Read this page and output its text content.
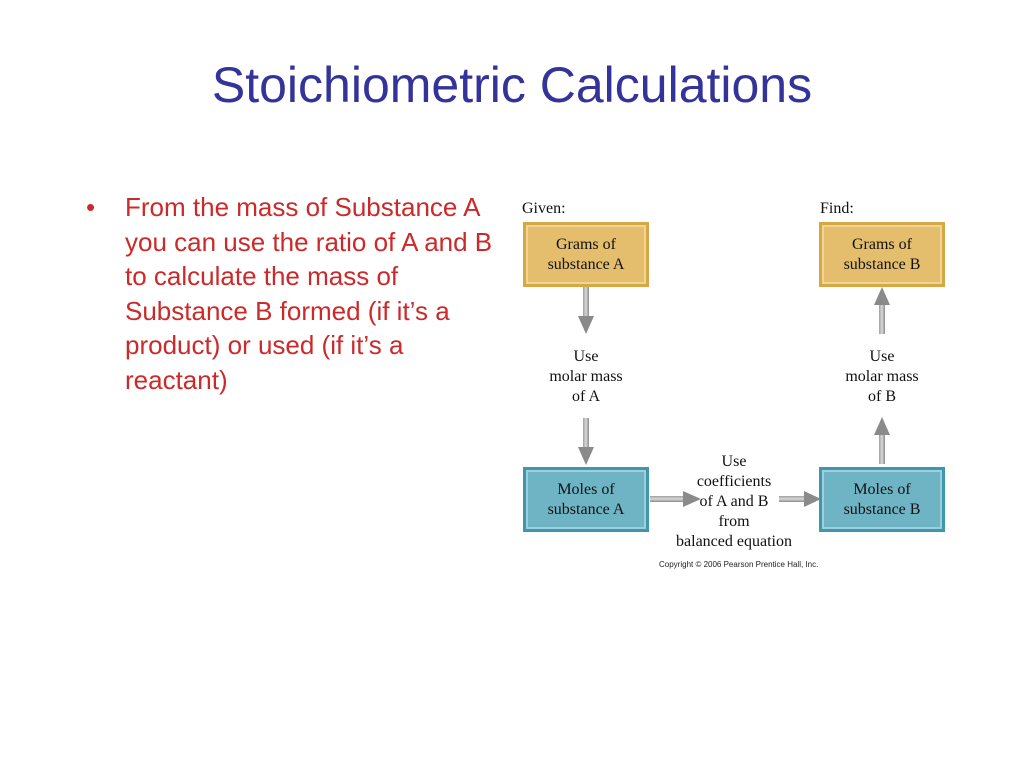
Stoichiometric Calculations
• From the mass of Substance A you can use the ratio of A and B to calculate the mass of Substance B formed (if it’s a product) or used (if it’s a reactant)
Given:	Find:
Grams of
substance A
Grams of
substance B
Use
molar mass
of A
Use
molar mass
of B
Moles of
substance A
Moles of
substance B
Use
coefficients
of A and B
from
balanced equation
Copyright © 2006 Pearson Prentice Hall, Inc.
